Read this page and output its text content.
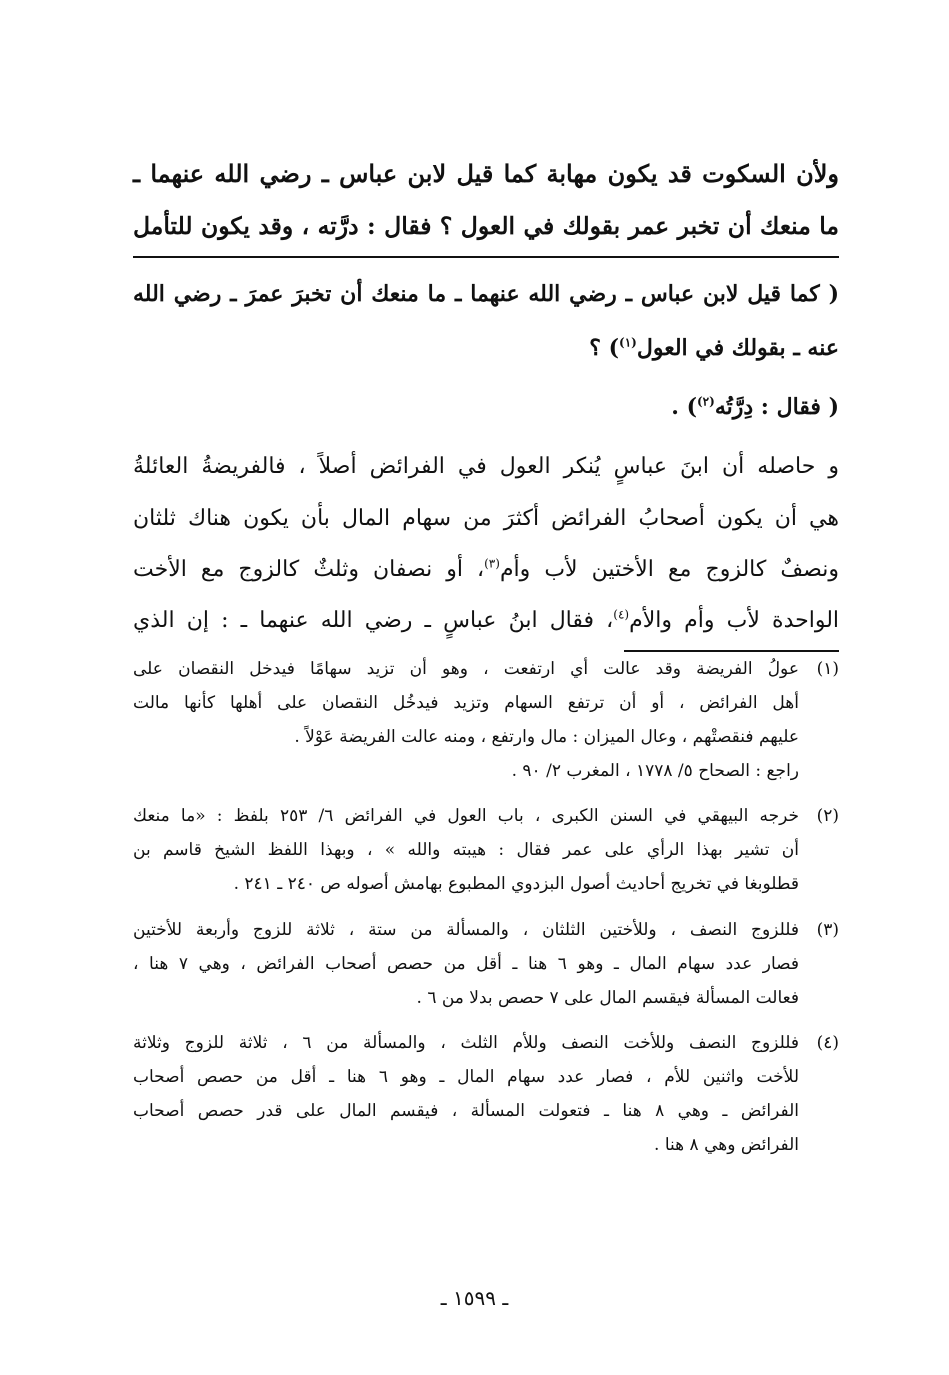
ولأن السكوت قد يكون مهابة كما قيل لابن عباس ـ رضي الله عنهما ـ
ما منعك أن تخبر عمر بقولك في العول ؟ فقال : درَّته ، وقد يكون للتأمل
( كما قيل لابن عباس ـ رضي الله عنهما ـ ما منعك أن تخبرَ عمرَ ـ رضي الله
عنه ـ بقولك في العول$^{(١)}$) ؟
( فقال : دِرَّتُه$^{(٢)}$) .
و حاصله أن ابنَ عباسٍ يُنكر العول في الفرائض أصلاً ، فالفريضةُ العائلةُ
هي أن يكون أصحابُ الفرائض أكثرَ من سهام المال بأن يكون هناك ثلثان
ونصفٌ كالزوج مع الأختين لأب وأم$^{(٣)}$، أو نصفان وثلثٌ كالزوج مع الأخت
الواحدة لأب وأم والأم$^{(٤)}$، فقال ابنُ عباسٍ ـ رضي الله عنهما ـ : إن الذي
(١)
عولُ الفريضة وقد عالت أي ارتفعت ، وهو أن تزيد سهامًا فيدخل النقصان على
أهل الفرائض ، أو أن ترتفع السهام وتزيد فيدخُل النقصان على أهلها كأنها مالت
عليهم فنقصتْهم ، وعال الميزان : مال وارتفع ، ومنه عالت الفريضة عَوْلاً .
راجع : الصحاح ٥/ ١٧٧٨ ، المغرب ٢/ ٩٠ .
(٢)
خرجه البيهقي في السنن الكبرى ، باب العول في الفرائض ٦/ ٢٥٣ بلفظ : «ما منعك
أن تشير بهذا الرأي على عمر فقال : هيبته والله » ، وبهذا اللفظ الشيخ قاسم بن
قطلوبغا في تخريج أحاديث أصول البزدوي المطبوع بهامش أصوله ص ٢٤٠ ـ ٢٤١ .
(٣)
فللزوج النصف ، وللأختين الثلثان ، والمسألة من ستة ، ثلاثة للزوج وأربعة للأختين
فصار عدد سهام المال ـ وهو ٦ هنا ـ أقل من حصص أصحاب الفرائض ، وهي ٧ هنا ،
فعالت المسألة فيقسم المال على ٧ حصص بدلا من ٦ .
(٤)
فللزوج النصف وللأخت النصف وللأم الثلث ، والمسألة من ٦ ، ثلاثة للزوج وثلاثة
للأخت واثنين للأم ، فصار عدد سهام المال ـ وهو ٦ هنا ـ أقل من حصص أصحاب
الفرائض ـ وهي ٨ هنا ـ فتعولت المسألة ، فيقسم المال على قدر حصص أصحاب
الفرائض وهي ٨ هنا .
ـ ١٥٩٩ ـ
